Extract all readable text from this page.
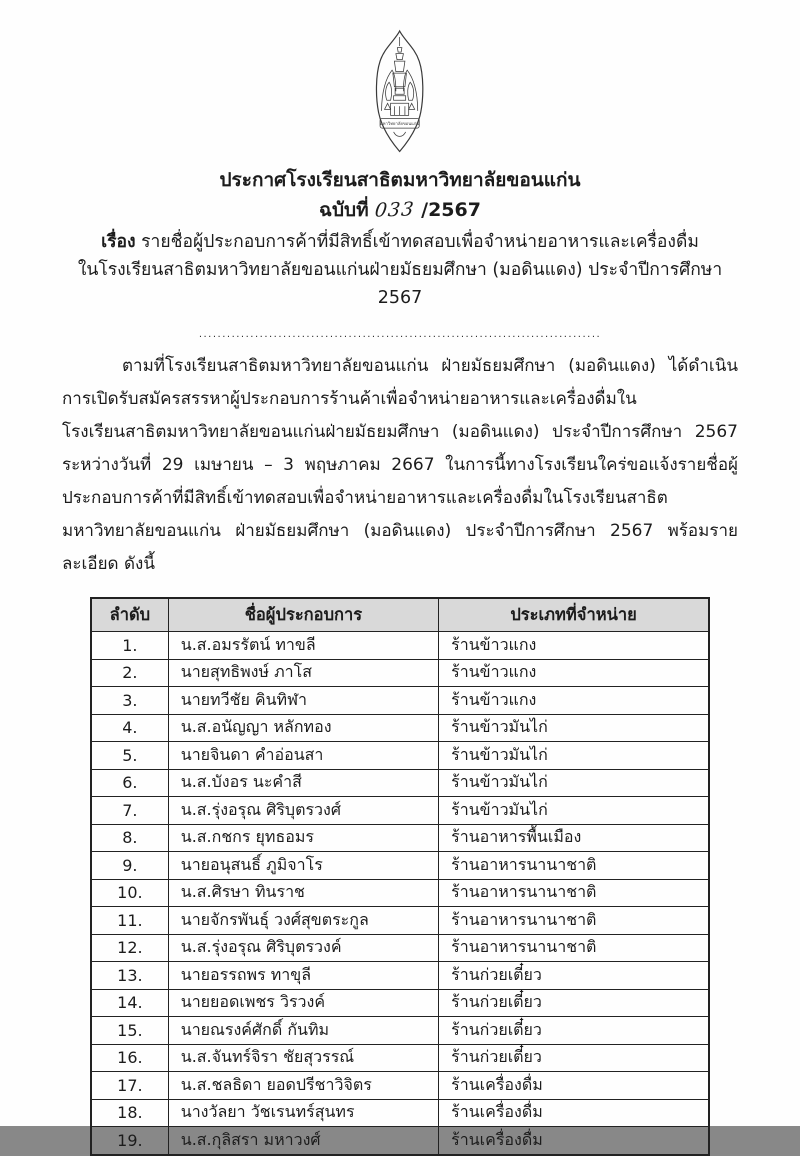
มหาวิทยาลัยขอนแก่น
ประกาศโรงเรียนสาธิตมหาวิทยาลัยขอนแก่น
ฉบับที่ 033 /2567
เรื่อง รายชื่อผู้ประกอบการค้าที่มีสิทธิ์เข้าทดสอบเพื่อจำหน่ายอาหารและเครื่องดื่ม
ในโรงเรียนสาธิตมหาวิทยาลัยขอนแก่นฝ่ายมัธยมศึกษา (มอดินแดง) ประจำปีการศึกษา 2567
......................................................................................

ตามที่โรงเรียนสาธิตมหาวิทยาลัยขอนแก่น ฝ่ายมัธยมศึกษา (มอดินแดง) ได้ดำเนินการเปิดรับสมัครสรรหาผู้ประกอบการร้านค้าเพื่อจำหน่ายอาหารและเครื่องดื่มในโรงเรียนสาธิตมหาวิทยาลัยขอนแก่นฝ่ายมัธยมศึกษา (มอดินแดง) ประจำปีการศึกษา 2567 ระหว่างวันที่ 29 เมษายน – 3 พฤษภาคม 2667 ในการนี้ทางโรงเรียนใคร่ขอแจ้งรายชื่อผู้ประกอบการค้าที่มีสิทธิ์เข้าทดสอบเพื่อจำหน่ายอาหารและเครื่องดื่มในโรงเรียนสาธิตมหาวิทยาลัยขอนแก่น ฝ่ายมัธยมศึกษา (มอดินแดง) ประจำปีการศึกษา 2567 พร้อมรายละเอียด ดังนี้

ลำดับ	ชื่อผู้ประกอบการ	ประเภทที่จำหน่าย
1.	น.ส.อมรรัตน์ ทาขลี	ร้านข้าวแกง
2.	นายสุทธิพงษ์ ภาโส	ร้านข้าวแกง
3.	นายทวีชัย คินทิฬา	ร้านข้าวแกง
4.	น.ส.อนัญญา หลักทอง	ร้านข้าวมันไก่
5.	นายจินดา คำอ่อนสา	ร้านข้าวมันไก่
6.	น.ส.บังอร นะคำสี	ร้านข้าวมันไก่
7.	น.ส.รุ่งอรุณ ศิริบุตรวงศ์	ร้านข้าวมันไก่
8.	น.ส.กชกร ยุทธอมร	ร้านอาหารพื้นเมือง
9.	นายอนุสนธิ์ ภูมิจาโร	ร้านอาหารนานาชาติ
10.	น.ส.ศิรษา ทินราช	ร้านอาหารนานาชาติ
11.	นายจักรพันธุ์ วงศ์สุขตระกูล	ร้านอาหารนานาชาติ
12.	น.ส.รุ่งอรุณ ศิริบุตรวงค์	ร้านอาหารนานาชาติ
13.	นายอรรถพร ทาขุลี	ร้านก่วยเตี๋ยว
14.	นายยอดเพชร วิรวงค์	ร้านก่วยเตี๋ยว
15.	นายณรงค์ศักดิ์ กันทิม	ร้านก่วยเตี๋ยว
16.	น.ส.จันทร์จิรา ชัยสุวรรณ์	ร้านก่วยเตี๋ยว
17.	น.ส.ชลธิดา ยอดปรีชาวิจิตร	ร้านเครื่องดื่ม
18.	นางวัลยา วัชเรนทร์สุนทร	ร้านเครื่องดื่ม
19.	น.ส.กุลิสรา มหาวงศ์	ร้านเครื่องดื่ม
